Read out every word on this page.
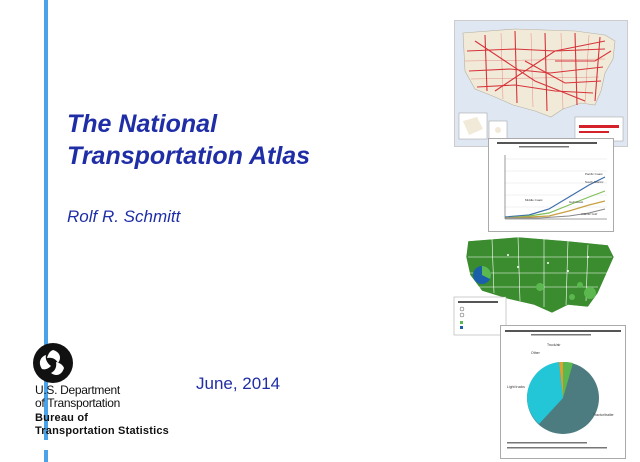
The National
Transportation Atlas
Rolf R. Schmitt
June, 2014
U.S. Department
of Transportation
Bureau of
Transportation Statistics
Pacific Coast
South Atlantic
Middle Coast	Gulf Coast
Atlantic Gulf
Truck/air
Other
Light trucks
Tractor/trailer
